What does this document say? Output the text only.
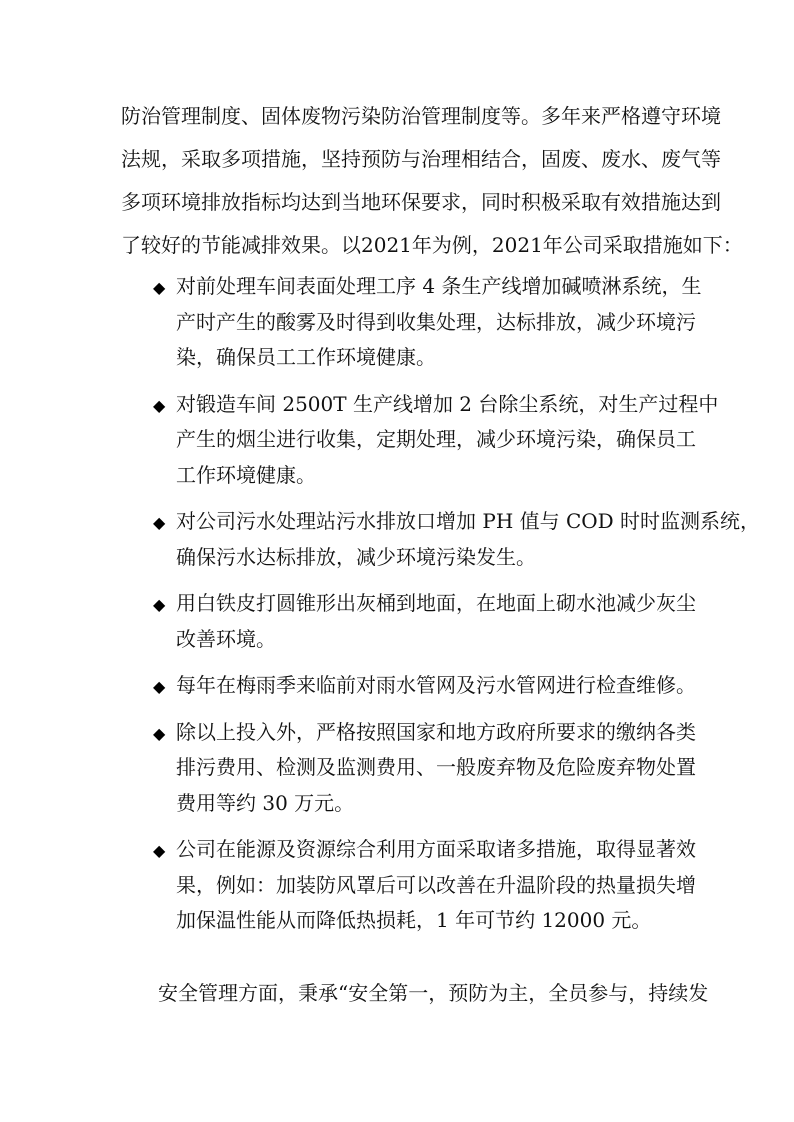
防治管理制度、固体废物污染防治管理制度等。多年来严格遵守环境
法规，采取多项措施，坚持预防与治理相结合，固废、废水、废气等
多项环境排放指标均达到当地环保要求，同时积极采取有效措施达到
了较好的节能减排效果。以2021年为例，2021年公司采取措施如下：
◆ 对前处理车间表面处理工序 4 条生产线增加碱喷淋系统，生
产时产生的酸雾及时得到收集处理，达标排放，减少环境污
染，确保员工工作环境健康。
◆ 对锻造车间 2500T 生产线增加 2 台除尘系统，对生产过程中
产生的烟尘进行收集，定期处理，减少环境污染，确保员工
工作环境健康。
◆ 对公司污水处理站污水排放口增加 PH 值与 COD 时时监测系统，
确保污水达标排放，减少环境污染发生。
◆ 用白铁皮打圆锥形出灰桶到地面，在地面上砌水池减少灰尘
改善环境。
◆ 每年在梅雨季来临前对雨水管网及污水管网进行检查维修。
◆ 除以上投入外，严格按照国家和地方政府所要求的缴纳各类
排污费用、检测及监测费用、一般废弃物及危险废弃物处置
费用等约 30 万元。
◆ 公司在能源及资源综合利用方面采取诸多措施，取得显著效
果，例如：加装防风罩后可以改善在升温阶段的热量损失增
加保温性能从而降低热损耗，1 年可节约 12000 元。
安全管理方面，秉承“安全第一，预防为主，全员参与，持续发
